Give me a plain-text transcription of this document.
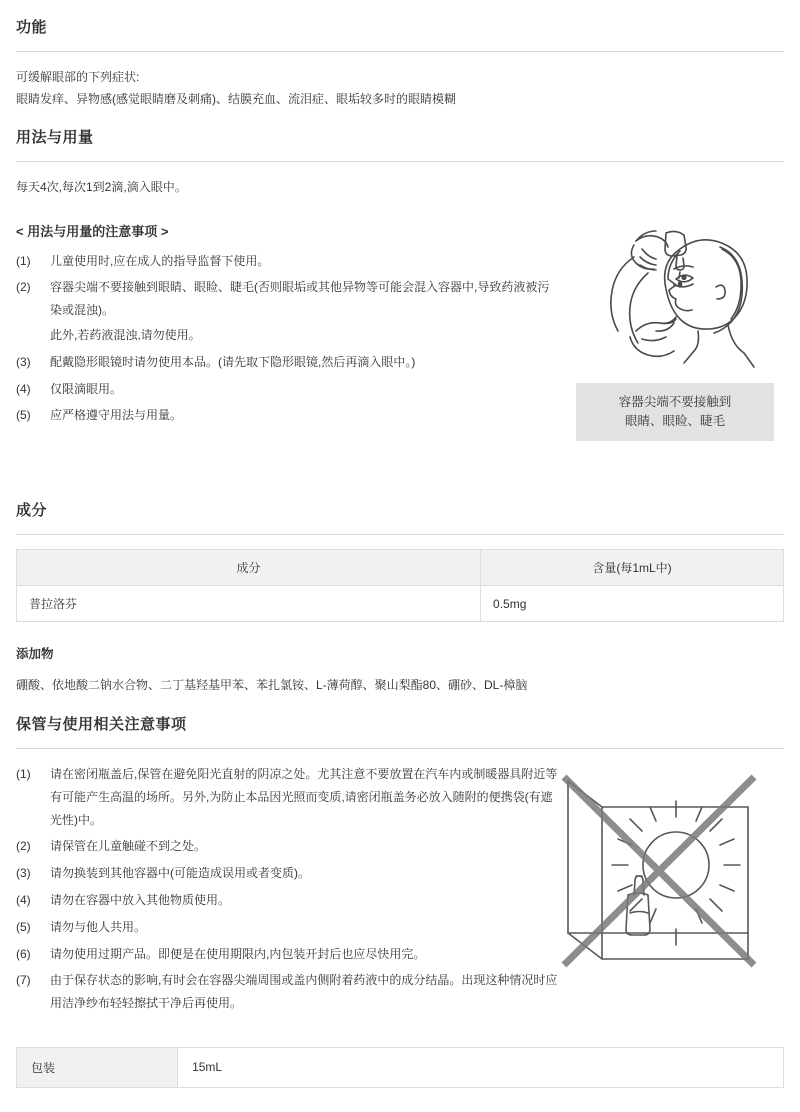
功能

可缓解眼部的下列症状:

眼睛发痒、异物感(感觉眼睛磨及刺痛)、结膜充血、流泪症、眼垢较多时的眼睛模糊

用法与用量

每天4次,每次1到2滴,滴入眼中。

< 用法与用量的注意事项 >
(1)	儿童使用时,应在成人的指导监督下使用。
(2)	容器尖端不要接触到眼睛、眼睑、睫毛(否则眼垢或其他异物等可能会混入容器中,导致药液被污染或混浊)。
此外,若药液混浊,请勿使用。
(3)	配戴隐形眼镜时请勿使用本品。(请先取下隐形眼镜,然后再滴入眼中。)
(4)	仅限滴眼用。
(5)	应严格遵守用法与用量。
容器尖端不要接触到
眼睛、眼睑、睫毛
成分
成分	含量(每1mL中)
普拉洛芬	0.5mg
添加物

硼酸、依地酸二钠水合物、二丁基羟基甲苯、苯扎氯铵、L-薄荷醇、聚山梨酯80、硼砂、DL-樟脑

保管与使用相关注意事项
(1)	请在密闭瓶盖后,保管在避免阳光直射的阴凉之处。尤其注意不要放置在汽车内或制暖器具附近等有可能产生高温的场所。另外,为防止本品因光照而变质,请密闭瓶盖务必放入随附的便携袋(有遮光性)中。
(2)	请保管在儿童触碰不到之处。
(3)	请勿换装到其他容器中(可能造成误用或者变质)。
(4)	请勿在容器中放入其他物质使用。
(5)	请勿与他人共用。
(6)	请勿使用过期产品。即便是在使用期限内,内包装开封后也应尽快用完。
(7)	由于保存状态的影响,有时会在容器尖端周围或盖内侧附着药液中的成分结晶。出现这种情况时应用洁净纱布轻轻擦拭干净后再使用。
包装	15mL
